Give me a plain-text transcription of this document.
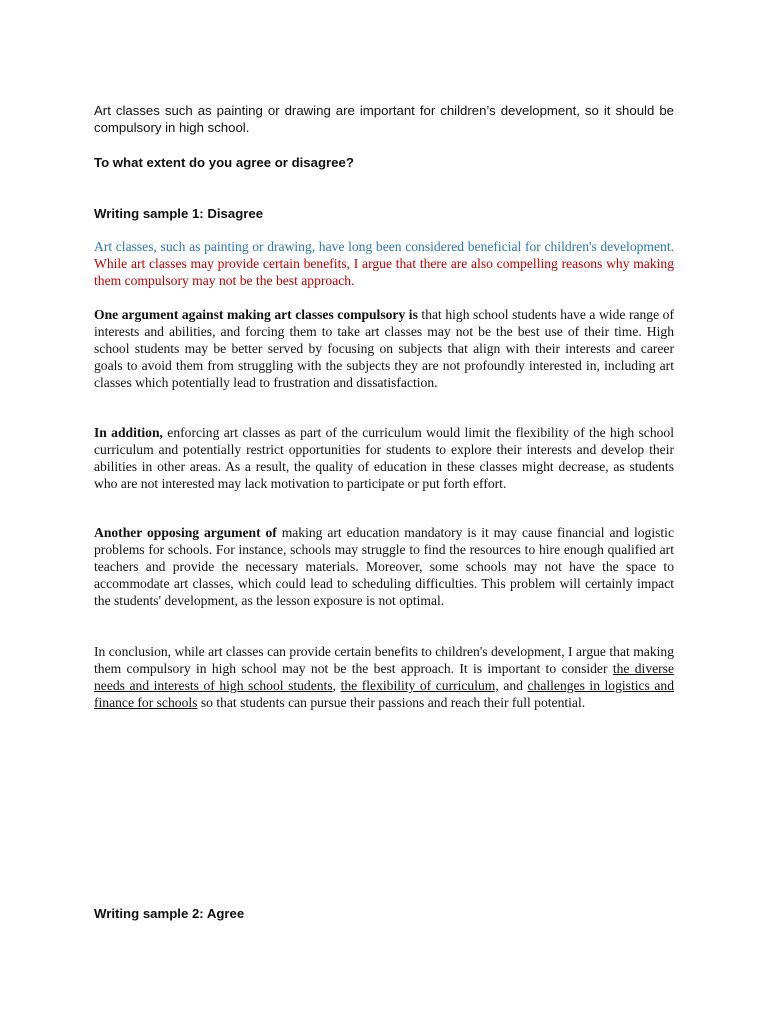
Art classes such as painting or drawing are important for children’s development, so it should be compulsory in high school.

To what extent do you agree or disagree?

Writing sample 1: Disagree

Art classes, such as painting or drawing, have long been considered beneficial for children's development. While art classes may provide certain benefits, I argue that there are also compelling reasons why making them compulsory may not be the best approach.

One argument against making art classes compulsory is that high school students have a wide range of interests and abilities, and forcing them to take art classes may not be the best use of their time. High school students may be better served by focusing on subjects that align with their interests and career goals to avoid them from struggling with the subjects they are not profoundly interested in, including art classes which potentially lead to frustration and dissatisfaction.

In addition, enforcing art classes as part of the curriculum would limit the flexibility of the high school curriculum and potentially restrict opportunities for students to explore their interests and develop their abilities in other areas. As a result, the quality of education in these classes might decrease, as students who are not interested may lack motivation to participate or put forth effort.

Another opposing argument of making art education mandatory is it may cause financial and logistic problems for schools. For instance, schools may struggle to find the resources to hire enough qualified art teachers and provide the necessary materials. Moreover, some schools may not have the space to accommodate art classes, which could lead to scheduling difficulties. This problem will certainly impact the students' development, as the lesson exposure is not optimal.

In conclusion, while art classes can provide certain benefits to children's development, I argue that making them compulsory in high school may not be the best approach. It is important to consider the diverse needs and interests of high school students, the flexibility of curriculum, and challenges in logistics and finance for schools so that students can pursue their passions and reach their full potential.

Writing sample 2: Agree
